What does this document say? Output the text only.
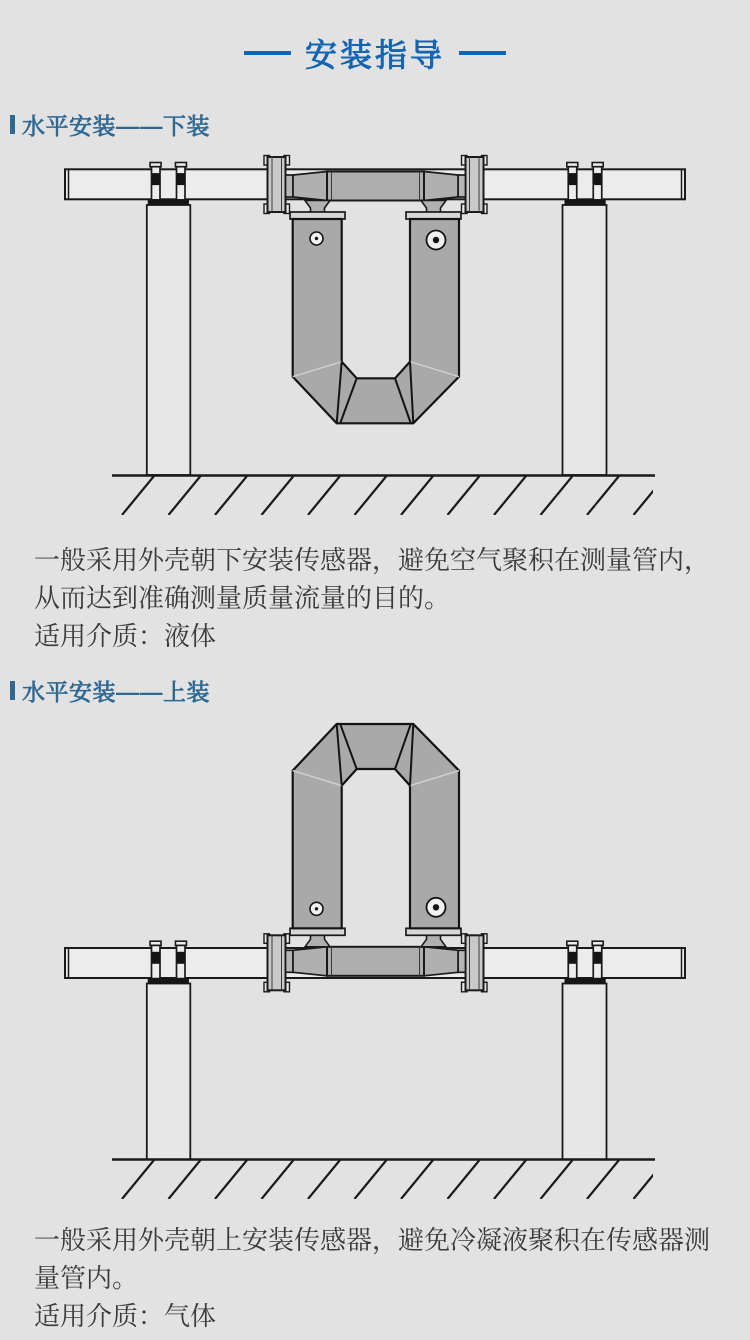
安装指导
水平安装——下装
一般采用外壳朝下安装传感器，避免空气聚积在测量管内，
从而达到准确测量质量流量的目的。
适用介质：液体
水平安装——上装
一般采用外壳朝上安装传感器，避免冷凝液聚积在传感器测
量管内。
适用介质：气体
